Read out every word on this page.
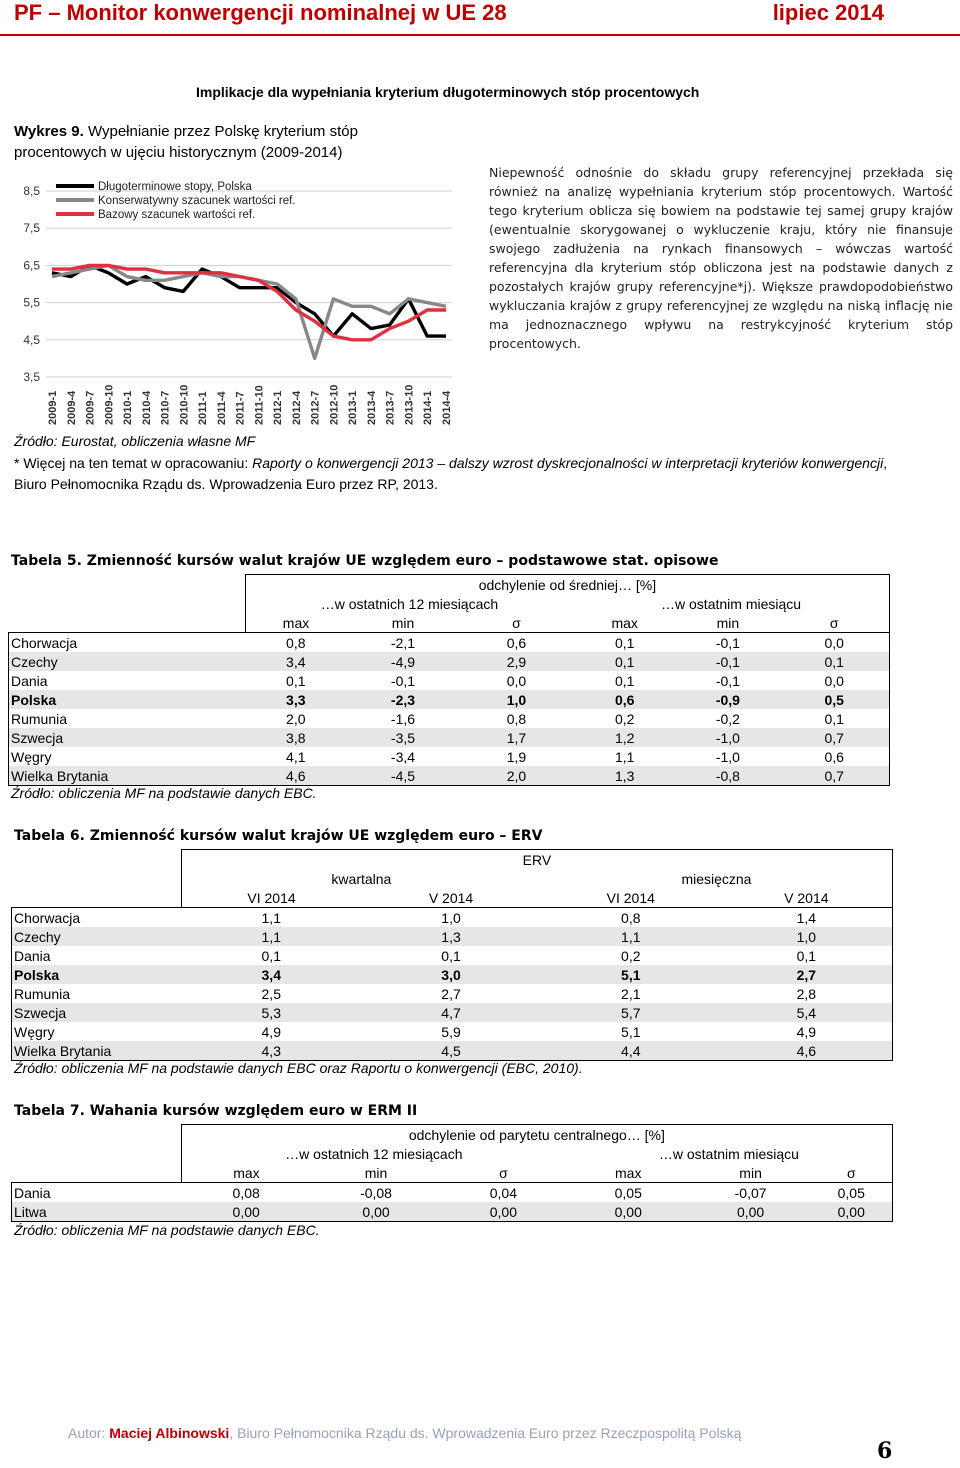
PF – Monitor konwergencji nominalnej w UE 28	lipiec 2014
Implikacje dla wypełniania kryterium długoterminowych stóp procentowych
Wykres 9. Wypełnianie przez Polskę kryterium stóp procentowych w ujęciu historycznym (2009-2014)
8,5
7,5
6,5
5,5
4,5
3,5
2009-1 2009-4 2009-7 2009-10 2010-1 2010-4 2010-7 2010-10 2011-1 2011-4 2011-7 2011-10 2012-1 2012-4 2012-7 2012-10 2013-1 2013-4 2013-7 2013-10 2014-1 2014-4
Długoterminowe stopy, Polska
Konserwatywny szacunek wartości ref.
Bazowy szacunek wartości ref.
Niepewność odnośnie do składu grupy referencyjnej przekłada się również na analizę wypełniania kryterium stóp procentowych. Wartość tego kryterium oblicza się bowiem na podstawie tej samej grupy krajów (ewentualnie skorygowanej o wykluczenie kraju, który nie finansuje swojego zadłużenia na rynkach finansowych – wówczas wartość referencyjna dla kryterium stóp obliczona jest na podstawie danych z pozostałych krajów grupy referencyjne*j). Większe prawdopodobieństwo wykluczania krajów z grupy referencyjnej ze względu na niską inflację nie ma jednoznacznego wpływu na restrykcyjność kryterium stóp procentowych.
Źródło: Eurostat, obliczenia własne MF
* Więcej na ten temat w opracowaniu: Raporty o konwergencji 2013 – dalszy wzrost dyskrecjonalności w interpretacji kryteriów konwergencji, Biuro Pełnomocnika Rządu ds. Wprowadzenia Euro przez RP, 2013.
Tabela 5. Zmienność kursów walut krajów UE względem euro – podstawowe stat. opisowe
	odchylenie od średniej… [%]					
	…w ostatnich 12 miesiącach			…w ostatnim miesiącu		
	max	min	σ	max	min	σ
Chorwacja	0,8	-2,1	0,6	0,1	-0,1	0,0
Czechy	3,4	-4,9	2,9	0,1	-0,1	0,1
Dania	0,1	-0,1	0,0	0,1	-0,1	0,0
Polska	3,3	-2,3	1,0	0,6	-0,9	0,5
Rumunia	2,0	-1,6	0,8	0,2	-0,2	0,1
Szwecja	3,8	-3,5	1,7	1,2	-1,0	0,7
Węgry	4,1	-3,4	1,9	1,1	-1,0	0,6
Wielka Brytania	4,6	-4,5	2,0	1,3	-0,8	0,7
Źródło: obliczenia MF na podstawie danych EBC.
Tabela 6. Zmienność kursów walut krajów UE względem euro – ERV
	ERV			
	kwartalna		miesięczna	
	VI 2014	V 2014	VI 2014	V 2014
Chorwacja	1,1	1,0	0,8	1,4
Czechy	1,1	1,3	1,1	1,0
Dania	0,1	0,1	0,2	0,1
Polska	3,4	3,0	5,1	2,7
Rumunia	2,5	2,7	2,1	2,8
Szwecja	5,3	4,7	5,7	5,4
Węgry	4,9	5,9	5,1	4,9
Wielka Brytania	4,3	4,5	4,4	4,6
Źródło: obliczenia MF na podstawie danych EBC oraz Raportu o konwergencji (EBC, 2010).
Tabela 7. Wahania kursów względem euro w ERM II
	odchylenie od parytetu centralnego… [%]					
	…w ostatnich 12 miesiącach			…w ostatnim miesiącu		
	max	min	σ	max	min	σ
Dania	0,08	-0,08	0,04	0,05	-0,07	0,05
Litwa	0,00	0,00	0,00	0,00	0,00	0,00
Źródło: obliczenia MF na podstawie danych EBC.
Autor: Maciej Albinowski, Biuro Pełnomocnika Rządu ds. Wprowadzenia Euro przez Rzeczpospolitą Polską
6
